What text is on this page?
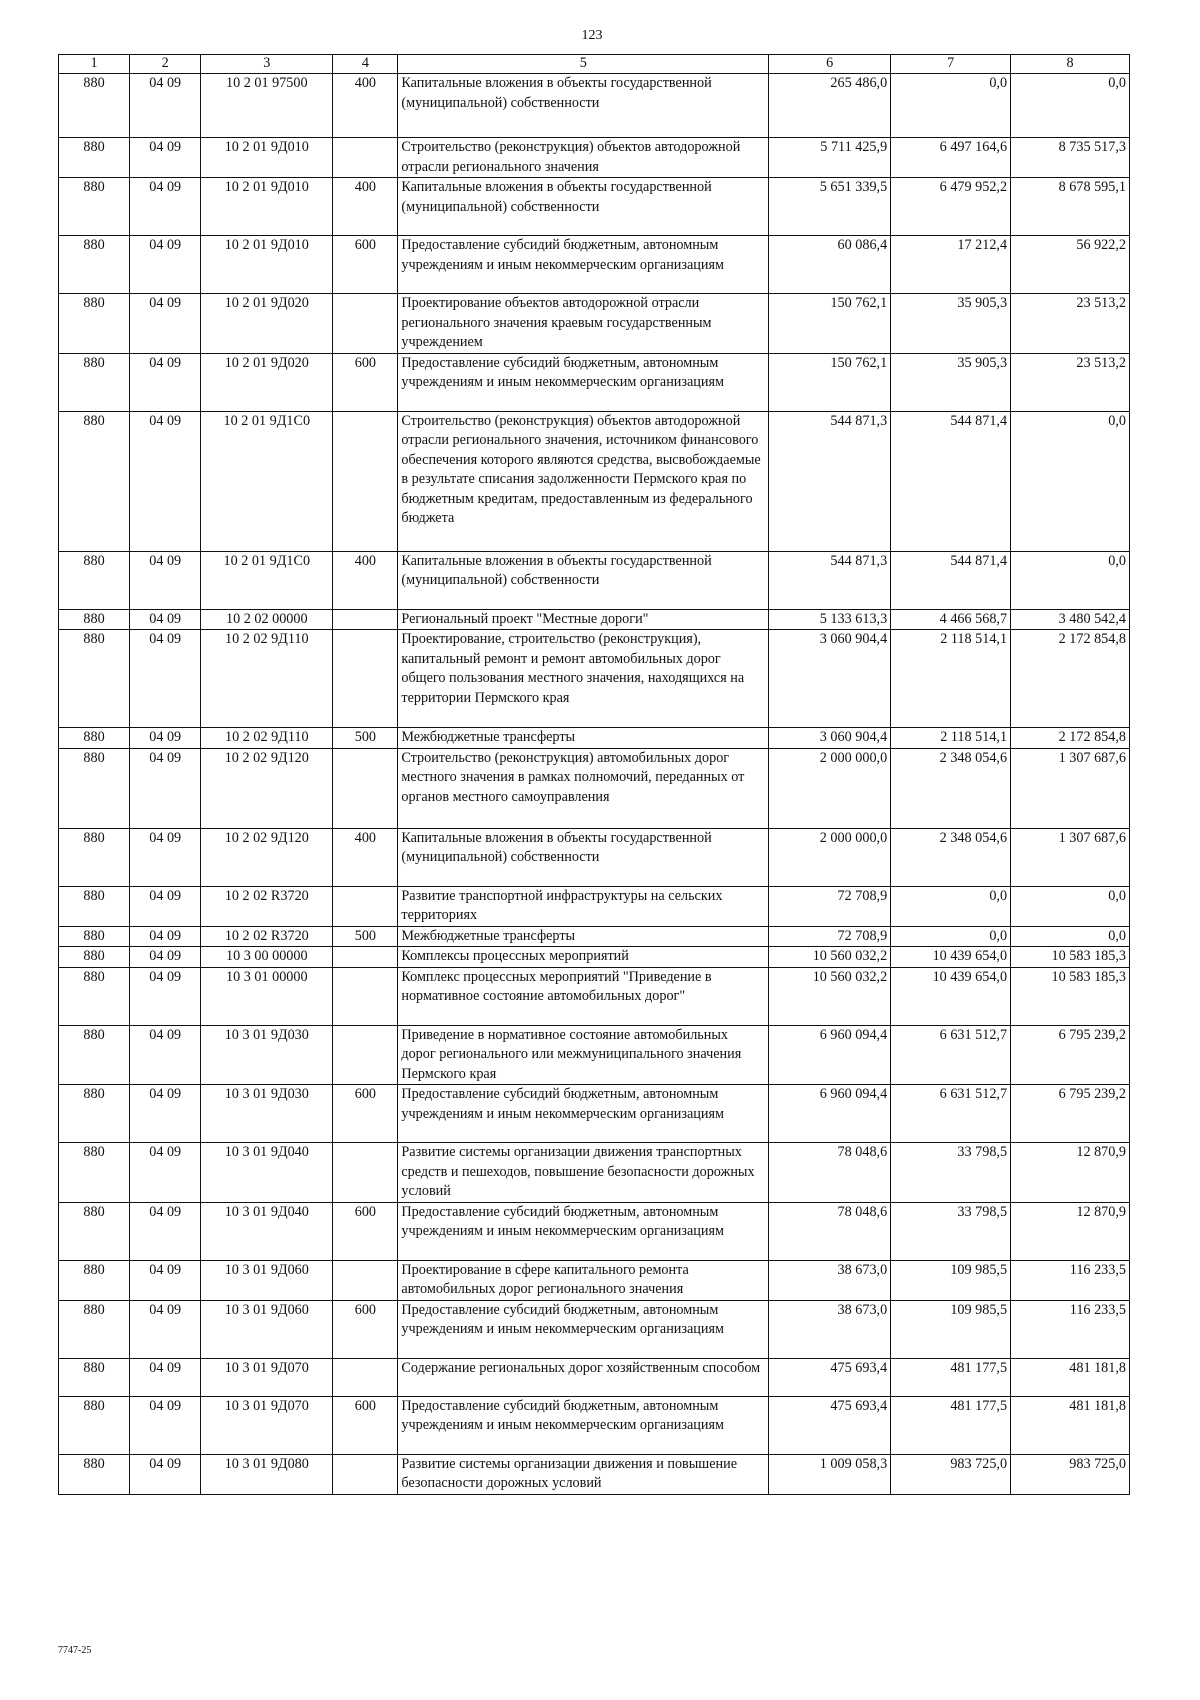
123
1	2	3	4	5	6	7	8
880	04 09	10 2 01 97500	400	Капитальные вложения в объекты государственной (муниципальной) собственности	265 486,0	0,0	0,0
880	04 09	10 2 01 9Д010		Строительство (реконструкция) объектов автодорожной отрасли регионального значения	5 711 425,9	6 497 164,6	8 735 517,3
880	04 09	10 2 01 9Д010	400	Капитальные вложения в объекты государственной (муниципальной) собственности	5 651 339,5	6 479 952,2	8 678 595,1
880	04 09	10 2 01 9Д010	600	Предоставление субсидий бюджетным, автономным учреждениям и иным некоммерческим организациям	60 086,4	17 212,4	56 922,2
880	04 09	10 2 01 9Д020		Проектирование объектов автодорожной отрасли регионального значения краевым государственным учреждением	150 762,1	35 905,3	23 513,2
880	04 09	10 2 01 9Д020	600	Предоставление субсидий бюджетным, автономным учреждениям и иным некоммерческим организациям	150 762,1	35 905,3	23 513,2
880	04 09	10 2 01 9Д1С0		Строительство (реконструкция) объектов автодорожной отрасли регионального значения, источником финансового обеспечения которого являются средства, высвобождаемые в результате списания задолженности Пермского края по бюджетным кредитам, предоставленным из федерального бюджета	544 871,3	544 871,4	0,0
880	04 09	10 2 01 9Д1С0	400	Капитальные вложения в объекты государственной (муниципальной) собственности	544 871,3	544 871,4	0,0
880	04 09	10 2 02 00000		Региональный проект "Местные дороги"	5 133 613,3	4 466 568,7	3 480 542,4
880	04 09	10 2 02 9Д110		Проектирование, строительство (реконструкция), капитальный ремонт и ремонт автомобильных дорог общего пользования местного значения, находящихся на территории Пермского края	3 060 904,4	2 118 514,1	2 172 854,8
880	04 09	10 2 02 9Д110	500	Межбюджетные трансферты	3 060 904,4	2 118 514,1	2 172 854,8
880	04 09	10 2 02 9Д120		Строительство (реконструкция) автомобильных дорог местного значения в рамках полномочий, переданных от органов местного самоуправления	2 000 000,0	2 348 054,6	1 307 687,6
880	04 09	10 2 02 9Д120	400	Капитальные вложения в объекты государственной (муниципальной) собственности	2 000 000,0	2 348 054,6	1 307 687,6
880	04 09	10 2 02 R3720		Развитие транспортной инфраструктуры на сельских территориях	72 708,9	0,0	0,0
880	04 09	10 2 02 R3720	500	Межбюджетные трансферты	72 708,9	0,0	0,0
880	04 09	10 3 00 00000		Комплексы процессных мероприятий	10 560 032,2	10 439 654,0	10 583 185,3
880	04 09	10 3 01 00000		Комплекс процессных мероприятий "Приведение в нормативное состояние автомобильных дорог"	10 560 032,2	10 439 654,0	10 583 185,3
880	04 09	10 3 01 9Д030		Приведение в нормативное состояние автомобильных дорог регионального или межмуниципального значения Пермского края	6 960 094,4	6 631 512,7	6 795 239,2
880	04 09	10 3 01 9Д030	600	Предоставление субсидий бюджетным, автономным учреждениям и иным некоммерческим организациям	6 960 094,4	6 631 512,7	6 795 239,2
880	04 09	10 3 01 9Д040		Развитие системы организации движения транспортных средств и пешеходов, повышение безопасности дорожных условий	78 048,6	33 798,5	12 870,9
880	04 09	10 3 01 9Д040	600	Предоставление субсидий бюджетным, автономным учреждениям и иным некоммерческим организациям	78 048,6	33 798,5	12 870,9
880	04 09	10 3 01 9Д060		Проектирование в сфере капитального ремонта автомобильных дорог регионального значения	38 673,0	109 985,5	116 233,5
880	04 09	10 3 01 9Д060	600	Предоставление субсидий бюджетным, автономным учреждениям и иным некоммерческим организациям	38 673,0	109 985,5	116 233,5
880	04 09	10 3 01 9Д070		Содержание региональных дорог хозяйственным способом	475 693,4	481 177,5	481 181,8
880	04 09	10 3 01 9Д070	600	Предоставление субсидий бюджетным, автономным учреждениям и иным некоммерческим организациям	475 693,4	481 177,5	481 181,8
880	04 09	10 3 01 9Д080		Развитие системы организации движения и повышение безопасности дорожных условий	1 009 058,3	983 725,0	983 725,0
7747-25
